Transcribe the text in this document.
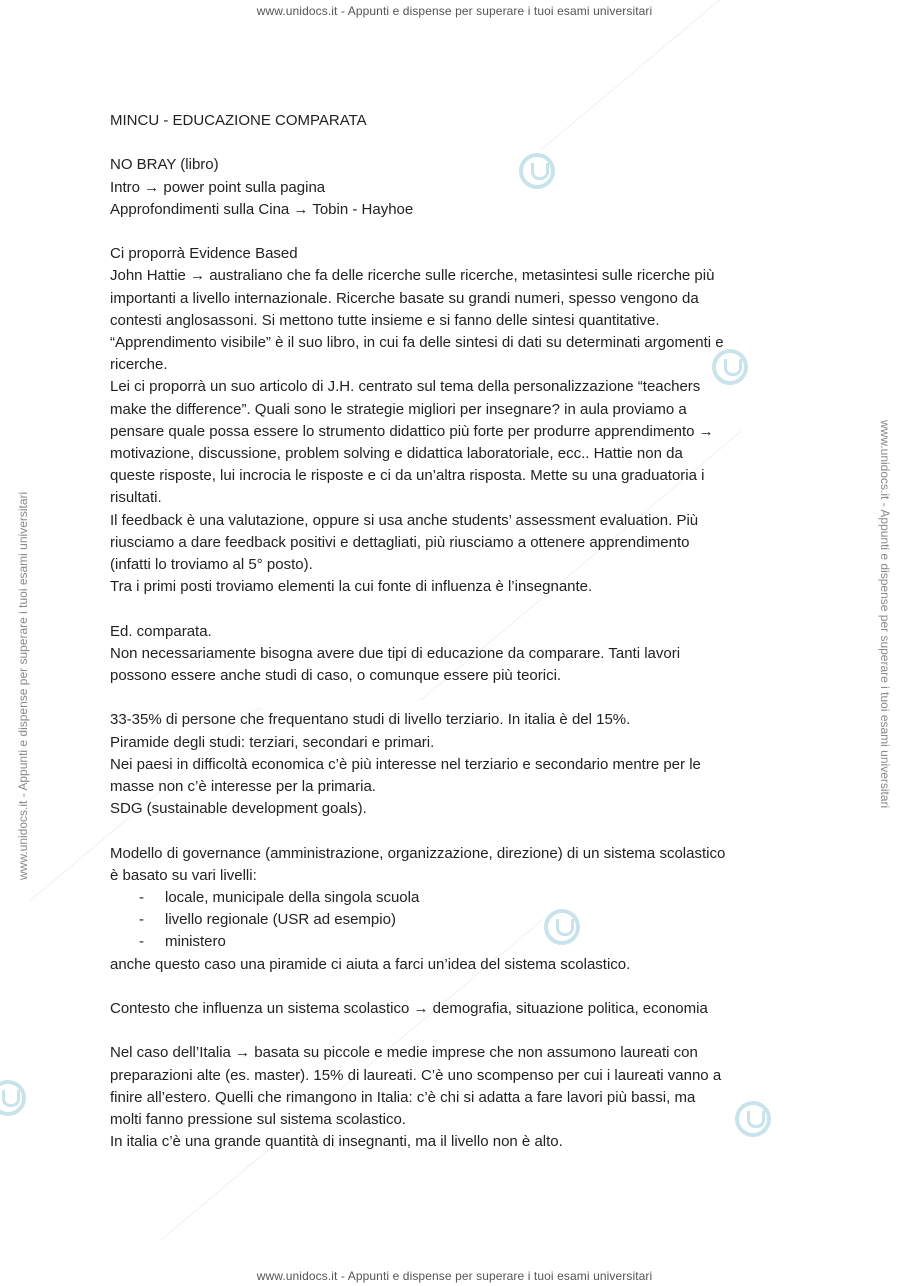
www.unidocs.it - Appunti e dispense per superare i tuoi esami universitari
www.unidocs.it - Appunti e dispense per superare i tuoi esami universitari
www.unidocs.it - Appunti e dispense per superare i tuoi esami universitari	www.unidocs.it - Appunti e dispense per superare i tuoi esami universitari

MINCU - EDUCAZIONE COMPARATA

NO BRAY (libro)

Intro → power point sulla pagina

Approfondimenti sulla Cina → Tobin - Hayhoe

Ci proporrà Evidence Based

John Hattie → australiano che fa delle ricerche sulle ricerche, metasintesi sulle ricerche più

importanti a livello internazionale. Ricerche basate su grandi numeri, spesso vengono da

contesti anglosassoni. Si mettono tutte insieme e si fanno delle sintesi quantitative.

“Apprendimento visibile” è il suo libro, in cui fa delle sintesi di dati su determinati argomenti e

ricerche.

Lei ci proporrà un suo articolo di J.H. centrato sul tema della personalizzazione “teachers

make the difference”. Quali sono le strategie migliori per insegnare? in aula proviamo a

pensare quale possa essere lo strumento didattico più forte per produrre apprendimento →

motivazione, discussione, problem solving e didattica laboratoriale, ecc.. Hattie non da

queste risposte, lui incrocia le risposte e ci da un’altra risposta. Mette su una graduatoria i

risultati.

Il feedback è una valutazione, oppure si usa anche students’ assessment evaluation. Più

riusciamo a dare feedback positivi e dettagliati, più riusciamo a ottenere apprendimento

(infatti lo troviamo al 5° posto).

Tra i primi posti troviamo elementi la cui fonte di influenza è l’insegnante.

Ed. comparata.

Non necessariamente bisogna avere due tipi di educazione da comparare. Tanti lavori

possono essere anche studi di caso, o comunque essere più teorici.

33-35% di persone che frequentano studi di livello terziario. In italia è del 15%.

Piramide degli studi: terziari, secondari e primari.

Nei paesi in difficoltà economica c’è più interesse nel terziario e secondario mentre per le

masse non c’è interesse per la primaria.

SDG (sustainable development goals).

Modello di governance (amministrazione, organizzazione, direzione) di un sistema scolastico

è basato su vari livelli:

- locale, municipale della singola scuola
- livello regionale (USR ad esempio)
- ministero

anche questo caso una piramide ci aiuta a farci un’idea del sistema scolastico.

Contesto che influenza un sistema scolastico → demografia, situazione politica, economia

Nel caso dell’Italia → basata su piccole e medie imprese che non assumono laureati con

preparazioni alte (es. master). 15% di laureati. C’è uno scompenso per cui i laureati vanno a

finire all’estero. Quelli che rimangono in Italia: c’è chi si adatta a fare lavori più bassi, ma

molti fanno pressione sul sistema scolastico.

In italia c’è una grande quantità di insegnanti, ma il livello non è alto.
